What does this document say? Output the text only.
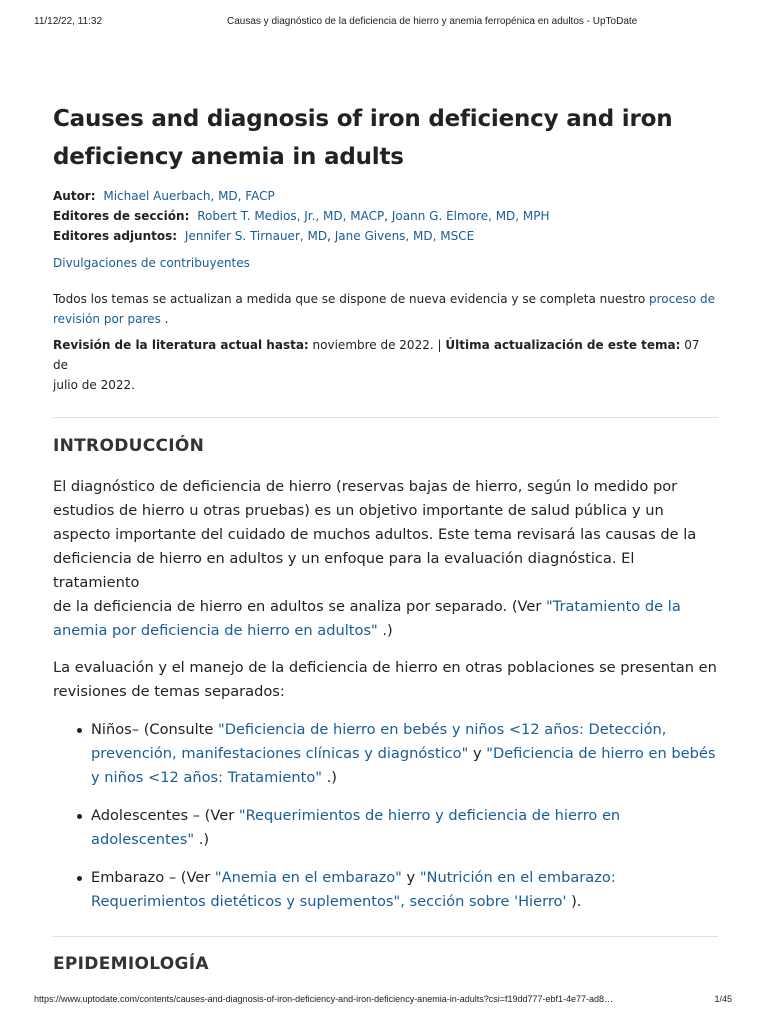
11/12/22, 11:32	Causas y diagnóstico de la deficiencia de hierro y anemia ferropénica en adultos - UpToDate
Causes and diagnosis of iron deficiency and iron
deficiency anemia in adults
Autor: Michael Auerbach, MD, FACP
Editores de sección: Robert T. Medios, Jr., MD, MACP, Joann G. Elmore, MD, MPH
Editores adjuntos: Jennifer S. Tirnauer, MD, Jane Givens, MD, MSCE
Divulgaciones de contribuyentes
Todos los temas se actualizan a medida que se dispone de nueva evidencia y se completa nuestro proceso de
revisión por pares .
Revisión de la literatura actual hasta: noviembre de 2022. | Última actualización de este tema: 07 de
julio de 2022.
INTRODUCCIÓN

El diagnóstico de deficiencia de hierro (reservas bajas de hierro, según lo medido por
estudios de hierro u otras pruebas) es un objetivo importante de salud pública y un
aspecto importante del cuidado de muchos adultos. Este tema revisará las causas de la
deficiencia de hierro en adultos y un enfoque para la evaluación diagnóstica. El tratamiento
de la deficiencia de hierro en adultos se analiza por separado. (Ver "Tratamiento de la
anemia por deficiencia de hierro en adultos" .)

La evaluación y el manejo de la deficiencia de hierro en otras poblaciones se presentan en
revisiones de temas separados:

Niños– (Consulte "Deficiencia de hierro en bebés y niños <12 años: Detección,
prevención, manifestaciones clínicas y diagnóstico" y "Deficiencia de hierro en bebés
y niños <12 años: Tratamiento" .)
Adolescentes – (Ver "Requerimientos de hierro y deficiencia de hierro en
adolescentes" .)
Embarazo – (Ver "Anemia en el embarazo" y "Nutrición en el embarazo:
Requerimientos dietéticos y suplementos", sección sobre 'Hierro' ).
EPIDEMIOLOGÍA
https://www.uptodate.com/contents/causes-and-diagnosis-of-iron-deficiency-and-iron-deficiency-anemia-in-adults?csi=f19dd777-ebf1-4e77-ad8…	1/45
